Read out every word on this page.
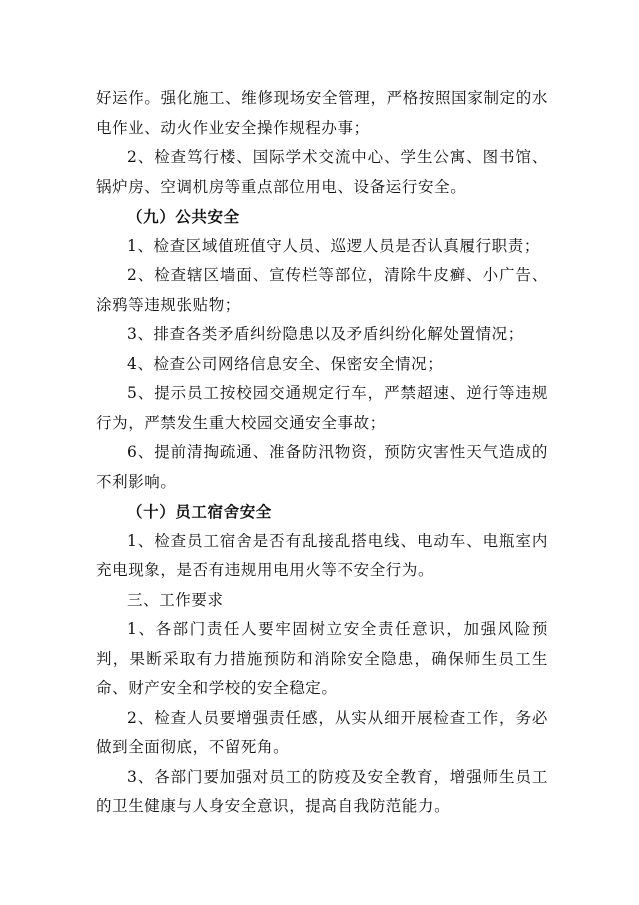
好运作。强化施工、维修现场安全管理，严格按照国家制定的水电作业、动火作业安全操作规程办事；

2、检查笃行楼、国际学术交流中心、学生公寓、图书馆、锅炉房、空调机房等重点部位用电、设备运行安全。

（九）公共安全

1、检查区域值班值守人员、巡逻人员是否认真履行职责；

2、检查辖区墙面、宣传栏等部位，清除牛皮癣、小广告、涂鸦等违规张贴物；

3、排查各类矛盾纠纷隐患以及矛盾纠纷化解处置情况；

4、检查公司网络信息安全、保密安全情况；

5、提示员工按校园交通规定行车，严禁超速、逆行等违规行为，严禁发生重大校园交通安全事故；

6、提前清掏疏通、准备防汛物资，预防灾害性天气造成的不利影响。

（十）员工宿舍安全

1、检查员工宿舍是否有乱接乱搭电线、电动车、电瓶室内充电现象，是否有违规用电用火等不安全行为。

三、工作要求

1、各部门责任人要牢固树立安全责任意识，加强风险预判，果断采取有力措施预防和消除安全隐患，确保师生员工生命、财产安全和学校的安全稳定。

2、检查人员要增强责任感，从实从细开展检查工作，务必做到全面彻底，不留死角。

3、各部门要加强对员工的防疫及安全教育，增强师生员工的卫生健康与人身安全意识，提高自我防范能力。
